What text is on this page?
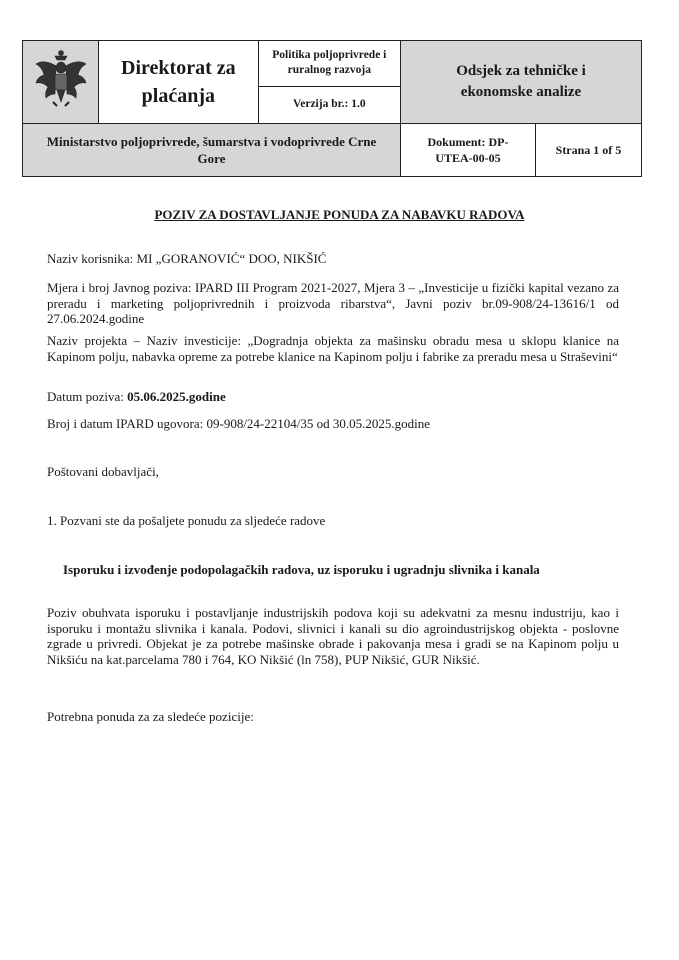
Direktorat za plaćanja	Politika poljoprivrede i ruralnog razvoja	Odsjek za tehničke i ekonomske analize	

		Verzija br.: 1.0		

Ministarstvo poljoprivrede, šumarstva i vodoprivrede Crne Gore			Dokument: DP-UTEA-00-05	Strana 1 of 5
POZIV ZA DOSTAVLJANJE PONUDA ZA NABAVKU RADOVA

Naziv korisnika: MI „GORANOVIĆ“ DOO, NIKŠIĆ

Mjera i broj Javnog poziva: IPARD III Program 2021-2027, Mjera 3 – „Investicije u fizički kapital vezano za preradu i marketing poljoprivrednih i proizvoda ribarstva“, Javni poziv br.09-908/24-13616/1 od 27.06.2024.godine

Naziv projekta – Naziv investicije: „Dogradnja objekta za mašinsku obradu mesa u sklopu klanice na Kapinom polju, nabavka opreme za potrebe klanice na Kapinom polju i fabrike za preradu mesa u Straševini“

Datum poziva: 05.06.2025.godine

Broj i datum IPARD ugovora: 09-908/24-22104/35 od 30.05.2025.godine

Poštovani dobavljači,

1. Pozvani ste da pošaljete ponudu za sljedeće radove

Isporuku i izvođenje podopolagačkih radova, uz isporuku i ugradnju slivnika i kanala

Poziv obuhvata isporuku i postavljanje industrijskih podova koji su adekvatni za mesnu industriju, kao i isporuku i montažu slivnika i kanala. Podovi, slivnici i kanali su dio agroindustrijskog objekta - poslovne zgrade u privredi. Objekat je za potrebe mašinske obrade i pakovanja mesa i gradi se na Kapinom polju u Nikšiću na kat.parcelama 780 i 764, KO Nikšić (ln 758), PUP Nikšić, GUR Nikšić.

Potrebna ponuda za za sledeće pozicije:
